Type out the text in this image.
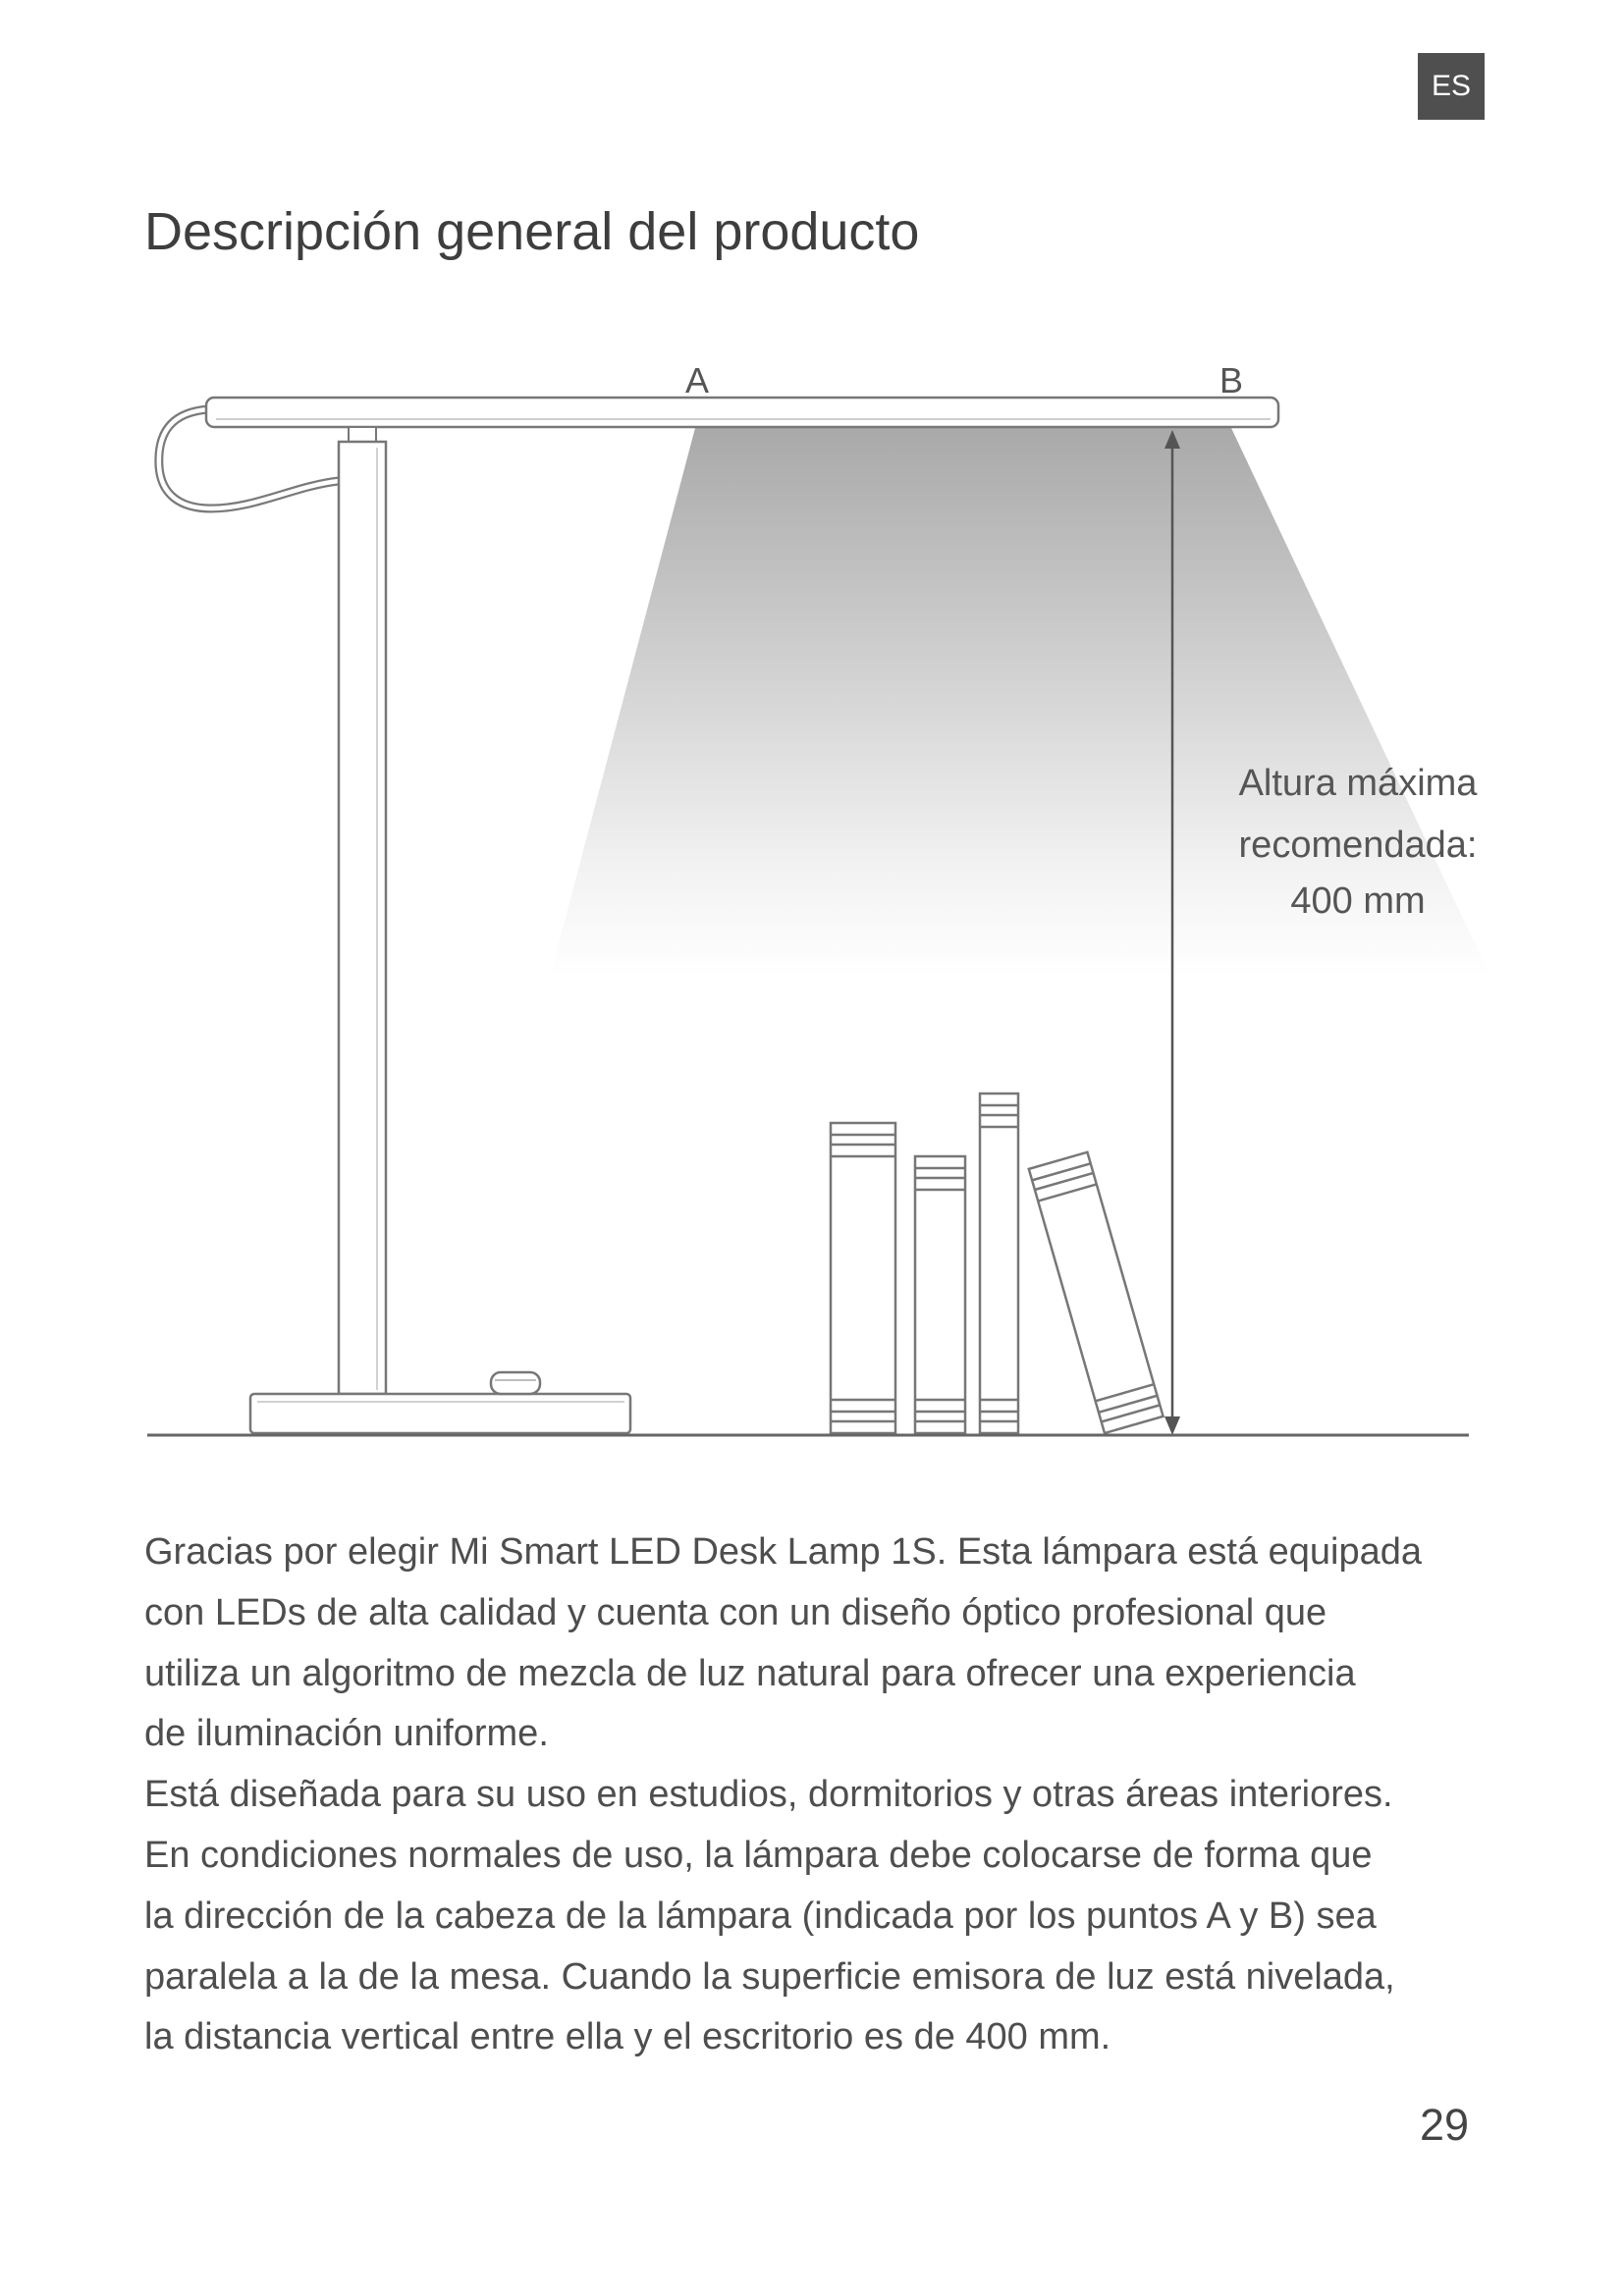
ES
Descripción general del producto
A	B
Altura máxima
recomendada:
400 mm
Gracias por elegir Mi Smart LED Desk Lamp 1S. Esta lámpara está equipada
con LEDs de alta calidad y cuenta con un diseño óptico profesional que
utiliza un algoritmo de mezcla de luz natural para ofrecer una experiencia
de iluminación uniforme.
Está diseñada para su uso en estudios, dormitorios y otras áreas interiores.
En condiciones normales de uso, la lámpara debe colocarse de forma que
la dirección de la cabeza de la lámpara (indicada por los puntos A y B) sea
paralela a la de la mesa. Cuando la superficie emisora de luz está nivelada,
la distancia vertical entre ella y el escritorio es de 400 mm.
29
